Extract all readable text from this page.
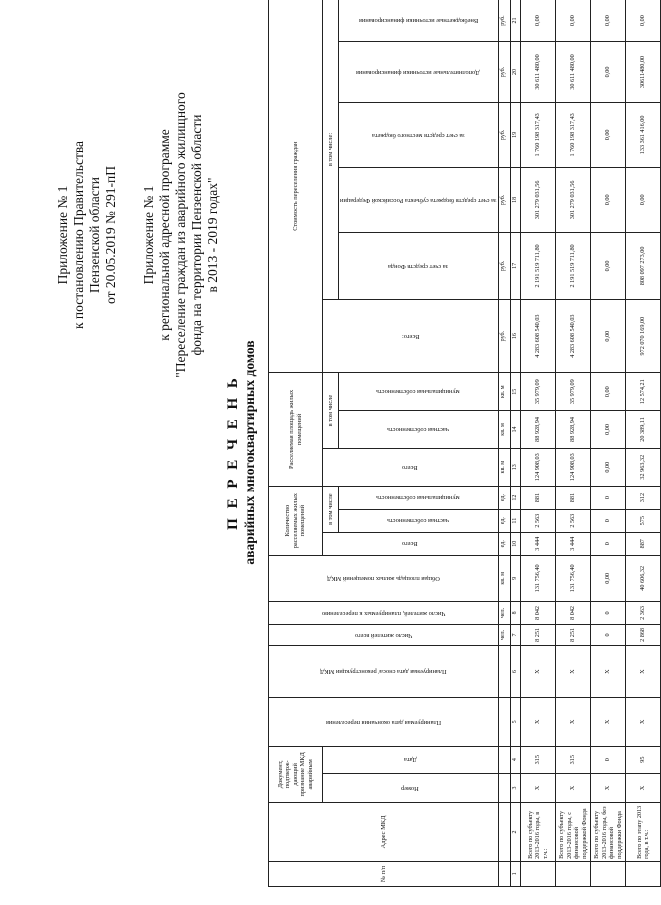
Приложение № 1 к постановлению Правительства Пензенской области от 20.05.2019 № 291-пП Приложение № 1 к региональной адресной программе "Переселение граждан из аварийного жилищного фонда на территории Пензенской области в 2013 - 2019 годах"
П Е Р Е Ч Е Н Ь аварийных многоквартирных домов
№ п/п	Адрес МКД	Документ, подтверж- дающий признание МКД аварийным		Планируемая дата окончания переселения	Планируемая дата сноса/ реконструкции МКД	Число жителей всего	Число жителей, планируемых к переселению	Общая площадь жилых помещений МКД	Количество расселяемых жилых помещений			Расселяемая площадь жилых помещений			Стоимость переселения граждан					

		Номер	Дата						Всего	в том числе		Всего	в том числе		Всего:	в том числе:				

										частная собственность	муниципальная собственность		частная собственность	муниципальная собственность		за счет средств Фонда	за счет средств бюджета субъекта Российской Федерации	за счет средств местного бюджета	Дополнительные источники финансирования	Внебюджетные источники финансирования

						чел.	чел.	кв. м	ед.	ед.	ед.	кв. м	кв. м	кв. м	руб.	руб.	руб.	руб.	руб.	руб.
1	2	3	4	5	6	7	8	9	10	11	12	13	14	15	16	17	18	19	20	21
	Всего по субъекту 2013-2016 годы, в т.ч.:	X	315	X	X	8 251	8 042	131 756,40	3 444	2 563	881	124 908,03	88 928,94	35 979,09	4 283 608 540,03	2 191 519 711,80	301 279 031,56	1 760 198 317,43	30 611 480,00	0,00
	Всего по субъекту 2013-2016 годы, с финансовой поддержкой Фонда	X	315	X	X	8 251	8 042	131 756,40	3 444	2 563	881	124 908,03	88 928,94	35 979,09	4 283 608 540,03	2 191 519 711,80	301 279 031,56	1 760 198 317,43	30 611 480,00	0,00
	Всего по субъекту 2013-2016 годы, без финансовой поддержки Фонда	X	0	X	X	0	0	0,00	0	0	0	0,00	0,00	0,00	0,00	0,00	0,00	0,00	0,00	0,00
	Всего по этапу 2013 года, в т.ч.:	X	95	X	X	2 868	2 363	40 606,32	887	575	312	32 963,32	20 389,11	12 574,21	972 070 169,00	808 097 273,00	0,00	133 361 416,00	30611480,00	0,00
